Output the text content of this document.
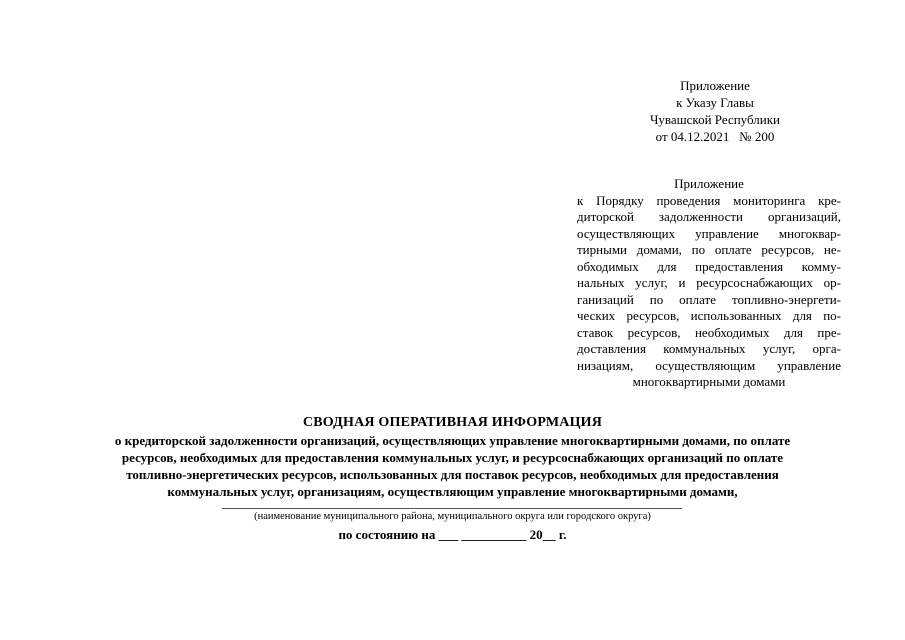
Приложение
к Указу Главы
Чувашской Республики
от 04.12.2021   № 200
Приложение
к Порядку проведения мониторинга кре-
диторской задолженности организаций,
осуществляющих управление многоквар-
тирными домами, по оплате ресурсов, не-
обходимых для предоставления комму-
нальных услуг, и ресурсоснабжающих ор-
ганизаций по оплате топливно-энергети-
ческих ресурсов, использованных для по-
ставок ресурсов, необходимых для пре-
доставления коммунальных услуг, орга-
низациям, осуществляющим управление
многоквартирными домами
СВОДНАЯ ОПЕРАТИВНАЯ ИНФОРМАЦИЯ
о кредиторской задолженности организаций, осуществляющих управление многоквартирными домами, по оплате
ресурсов, необходимых для предоставления коммунальных услуг, и ресурсоснабжающих организаций по оплате
топливно-энергетических ресурсов, использованных для поставок ресурсов, необходимых для предоставления
коммунальных услуг, организациям, осуществляющим управление многоквартирными домами,
(наименование муниципального района, муниципального округа или городского округа)
по состоянию на ___ __________ 20__ г.
